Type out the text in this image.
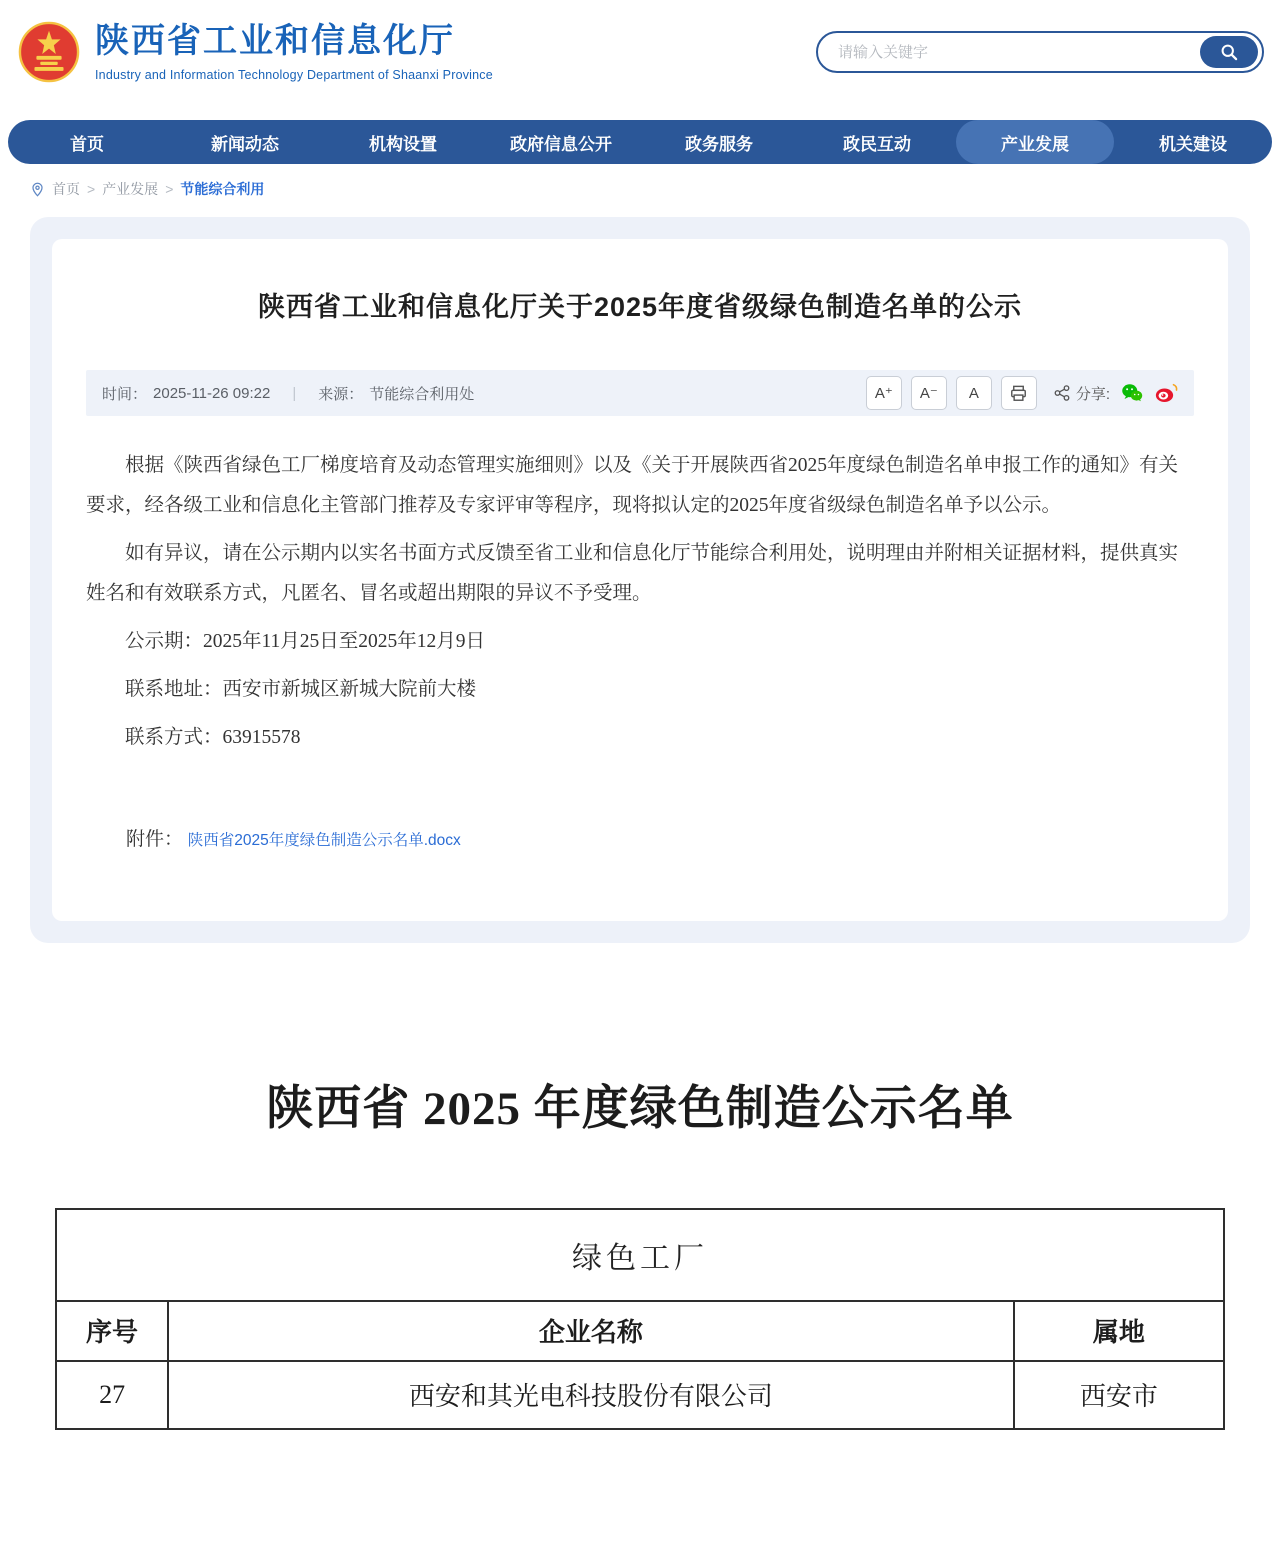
陕西省工业和信息化厅
Industry and Information Technology Department of Shaanxi Province
请输入关键字
首页	新闻动态	机构设置	政府信息公开	政务服务	政民互动	产业发展	机关建设
首页 > 产业发展 > 节能综合利用
陕西省工业和信息化厅关于2025年度省级绿色制造名单的公示
时间： 2025-11-26 09:22	|	来源： 节能综合利用处	A⁺	A⁻	A	分享:

根据《陕西省绿色工厂梯度培育及动态管理实施细则》以及《关于开展陕西省2025年度绿色制造名单申报工作的通知》有关要求，经各级工业和信息化主管部门推荐及专家评审等程序，现将拟认定的2025年度省级绿色制造名单予以公示。

如有异议，请在公示期内以实名书面方式反馈至省工业和信息化厅节能综合利用处，说明理由并附相关证据材料，提供真实姓名和有效联系方式，凡匿名、冒名或超出期限的异议不予受理。

公示期：2025年11月25日至2025年12月9日

联系地址：西安市新城区新城大院前大楼

联系方式：63915578

附件： 陕西省2025年度绿色制造公示名单.docx
陕西省 2025 年度绿色制造公示名单
绿色工厂		
序号	企业名称	属地
27	西安和其光电科技股份有限公司	西安市
